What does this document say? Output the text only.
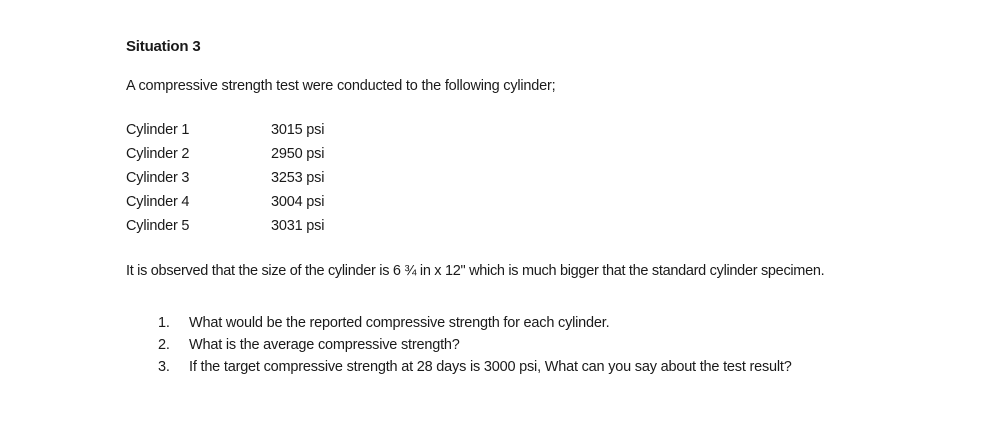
Situation 3
A compressive strength test were conducted to the following cylinder;
Cylinder 1	3015 psi
Cylinder 2	2950 psi
Cylinder 3	3253 psi
Cylinder 4	3004 psi
Cylinder 5	3031 psi
It is observed that the size of the cylinder is 6 ¾ in x 12" which is much bigger that the standard cylinder specimen.
1. What would be the reported compressive strength for each cylinder.
2. What is the average compressive strength?
3. If the target compressive strength at 28 days is 3000 psi, What can you say about the test result?
